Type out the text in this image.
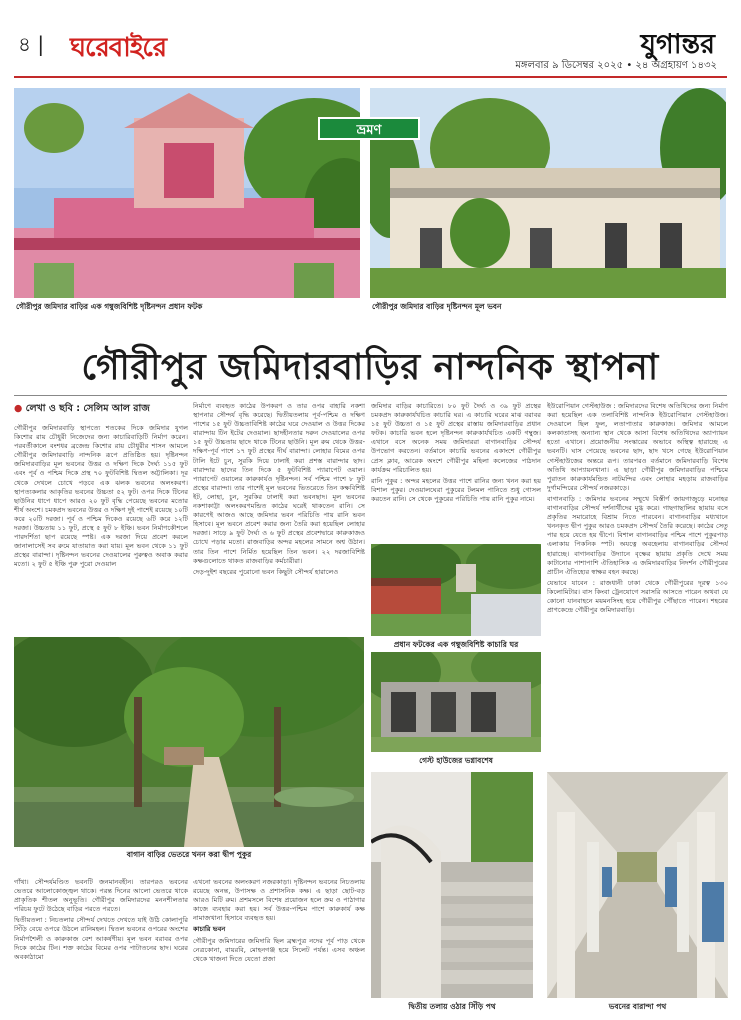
৪ | ঘরেবাইরে	যুগান্তর
মঙ্গলবার ৯ ডিসেম্বর ২০২৫ • ২৪ অগ্রহায়ণ ১৪৩২
গৌরীপুর জমিদার বাড়ির এক গম্বুজবিশিষ্ট দৃষ্টিনন্দন প্রধান ফটক	গৌরীপুর জমিদার বাড়ির দৃষ্টিনন্দন মূল ভবন
ভ্রমণ
গৌরীপুর জমিদারবাড়ির নান্দনিক স্থাপনা
● লেখা ও ছবি : সেলিম আল রাজ

গৌরীপুর জমিদারবাড়ি স্থাপত্যে শতকের দিকে জমিদার যুগল কিশোর রায় চৌধুরী নিজেদের জন্য কাচারিবাড়িটি নির্মাণ করেন। পরবর্তীকালে বংশধর ব্রজেন্দ্র কিশোর রায় চৌধুরীর শাসন আমলে গৌরীপুর জমিদারবাড়ি নান্দনিক রূপে প্রতিষ্ঠিত হয়। দৃষ্টিনন্দন জমিদারবাড়ির মূল ভবনের উত্তর ও দক্ষিণ দিকে দৈর্ঘ্য ১১৫ ফুট এবং পূর্ব ও পশ্চিম দিকে প্রস্থ ৭০ ফুটবিশিষ্ট দ্বিতল অট্টালিকা। দূর থেকে দেখলে চোখে পড়বে এক ঝলক ভবনের অলংকরণ। স্থাপত্যকলার আকৃতির ভবনের উচ্চতা ৫২ ফুট। ওপর দিকে টিনের ছাউনির ধাপে ধাপে আরও ২০ ফুট বৃদ্ধি পেয়েছে ভবনের মতোর শীর্ষ অংশে। চমকপ্রদ ভবনের উত্তর ও দক্ষিণ দুই পাশেই রয়েছে ১০টি করে ২০টি দরজা। পূর্ব ও পশ্চিম দিকেও রয়েছে ৬টি করে ১২টি দরজা। উচ্চতায় ১১ ফুট, প্রস্থে ৫ ফুট ৮ ইঞ্চি। ভবন নির্মাণকৌশলে পারদর্শিতা ছাপ রয়েছে স্পষ্ট। এক দরজা দিয়ে প্রবেশ করলে জানালাসেই সব রুমে যাতায়াত করা যায়। মূল ভবন থেকে ১১ ফুট প্রস্থের বারান্দা। দৃষ্টিনন্দন ভবনের দেওয়ালের পুরুত্বও অবাক করার মতো। ২ ফুট ৫ ইঞ্চি পুরু পুরো দেওয়াল

বাগান বাড়ির ভেতরে খনন করা দ্বীপ পুকুর

গাঁথা। সৌন্দর্যমণ্ডিত ভবনটি জনমানবহীন। তারপরও ভবনের ভেতরে আলোকোজ্জ্বল থাকে। পরন্ত দিনের আলো ভেতরে থাকে প্রাকৃতিক শীতল অনুভূতি। গৌরীপুর জমিদারদের মননশীলতার পরিচয় ফুটে উঠেছে বাড়ির পরতে পরতে।

দ্বিতীয়তলা : নিচতলার সৌন্দর্য দেখতে দেখতে যাই উঠি কোলাপুরি সিঁড়ি বেয়ে ওপরে উঠলে রানিমহল। দ্বিতল ভবনের ওপরের অংশের নির্মাণশৈলী ও কারুকাজ বেশ আকর্ষণীয়। মূল ভবন বরাবর ওপর দিকে কাঠের টিন। শক্ত কাঠের বিমের ওপর পাটাতনের ছাদ। ঘরের অবকাঠামো

নির্মাণে ব্যবহৃত কাঠের উপকরণ ও তার ওপর বাহারি নকশা স্থাপনার সৌন্দর্য বৃদ্ধি করেছে। দ্বিতীয়তলায় পূর্ব-পশ্চিম ও দক্ষিণ পাশের ১৫ ফুট উচ্চতাবিশিষ্ট কাঠের ঘরে দেওয়াল ও উত্তর দিকের বারান্দায় টিন ইটের দেওয়াল। ছাদহীনতার দরুন দেওয়ালের ওপর ১৫ ফুট উচ্চতায় ছাদে থাকে টিনের ছাউনি। মূল রুম থেকে উত্তর-দক্ষিণ-পূর্ব পাশে ১৭ ফুট প্রস্থের দীর্ঘ বারান্দা। লোহার বিমের ওপর টালি ইটে চুন, সুরকি দিয়ে ঢালাই করা প্রশস্ত বারান্দার ছাদ। বারান্দার ছাদের তিন দিকে ৫ ফুটবিশিষ্ট প্যারাপেট ওয়াল। প্যারাপেট ওয়ালের কারুকার্যও দৃষ্টিনন্দন। সর্ব পশ্চিম পাশে ৮ ফুট প্রস্থের বারান্দা। তার পাশেই মূল ভবনের ভিতরেতে তিন কক্ষবিশিষ্ট ইট, লোহা, চুন, সুরকির ঢালাই করা ভবনছাদ। মূল ভবনের নকশাকাট্টা অলংকরণমন্ডিত কাঠের ঘরেই থাকতেন রানি। সে কারণেই আজও আছে জমিদার ভবন পরিচিতি পায় রানি ভবন হিসাবে। মূল ভবনে প্রবেশ করার জন্য তৈরি করা হয়েছিল লোহার দরজা। সাড়ে ৯ ফুট দৈর্ঘ্য ও ৬ ফুট প্রস্থের প্রবেশদ্বারে কারুকাজও চোখে পড়ার মতো। রাজবাড়ির অন্দর মহলের সামনে অশ্ব উঠান। তার তিন পাশে নির্মিত হয়েছিল তিন ভবন। ২২ দরজাবিশিষ্ট কক্ষগুলোতে থাকত রাজবাড়ির কর্মচারীরা।

দেড়-দুইশ বছরের পুরোনো ভবন কিছুটা সৌন্দর্য হারালেও

এখনো ভবনের অলংকরণ নজরকাড়া। দৃষ্টিনন্দন ভবনের নিচতলায় রয়েছে অনন্ত, উপাসক্ষ ও প্রশাসনিক কক্ষ। এ ছাড়া ছোট-বড় আরও মিটি রুম। প্রশমসলে বিশেষ প্রয়োজন হলে ক্রম ও পাঠাগার কাজে ব্যবহার করা হয়। সর্ব উত্তর-পশ্চিম পাশে কারুকার্য কক্ষ নামাজখানা হিসাবে ব্যবহৃত হয়।

কাচারি ভবন

গৌরীপুর জমিদারের জমিদারি ছিল ব্রহ্মপুত্র নদের পূর্ব পাড় থেকে নেত্রকোনা, বায়রবি, মোহনগঞ্জ হয়ে সিলেট পর্যন্ত। এসব অঞ্চল থেকে খাজনা দিতে যেতো প্রজা

জমিদার বাড়ির কাচারিতে। ৮০ ফুট দৈর্ঘ্য ও ৩৯ ফুট প্রস্থের চমকপ্রদ কারুকার্যখচিত কাচারি ঘর। এ কাচারি ঘরের মাঝ বরাবর ১৫ ফুট উচ্চতা ও ১৫ ফুট প্রস্থের রাস্তায় জমিদারবাড়ির প্রধান ফটক। কাচারি ভবন হলে দৃষ্টিনন্দন কারুকার্যখচিত একটি গম্বুজ। এখানে বসে অনেক সময় জমিদাররা বাগানবাড়ির সৌন্দর্য উপভোগ করতেন। বর্তমানে কাচারি ভবনের একাংশে গৌরীপুর প্রেস ক্লাব, আরেক অংশে গৌরীপুর মহিলা কলেজের পাঠদান কার্যক্রম পরিচালিত হয়।

রানি পুকুর : অন্দর মহলের উত্তর পাশে রানির জন্য খনন করা হয় বিশাল পুকুর। দেওয়ালঘেরা পুকুরের টলমল পানিতে শুধু গোসল করতেন রানি। সে থেকে পুকুরের পরিচিতি পায় রানি পুকুর নামে।

প্রধান ফটকের এক গম্বুজবিশিষ্ট কাচারি ঘর
গেস্ট হাউজের ভগ্নাবশেষ
দ্বিতীয় তলায় ওঠার সিঁড়ি পথ

ইউরোপিয়ান গেস্টহাউজ : জমিদারদের বিশেষ অতিথিদের জন্য নির্মাণ করা হয়েছিল এক তলাবিশিষ্ট নান্দনিক ইউরোপিয়ান গেস্টহাউজ। দেওয়ালে ছিল ফুল, লতাপাতার কারুকাজ। জমিদার আমলে কলকাতাসহ অন্যান্য স্থান থেকে আসা বিশেষ অতিথিদের অ্যাপ্যায়ন হতো এখানে। প্রয়োজনীয় সংস্কারের অভাবে অস্থিত্ব হারাচ্ছে এ ভবনটি। ঘাস পেয়েছে ভবনের ছাদ, ছাদ খসে গেছে ইউরোপিয়ান গেস্টহাউজের অন্তরে রূপ। তারপরও বর্তমানে জমিদারবাড়ি বিশেষ অতিথি আপ্যায়নখানা। এ ছাড়া গৌরীপুর জমিদারবাড়ির পশ্চিমে পুরাতন কারুকার্যমন্ডিত নাটমন্দির এবং লোহার মহড়ায় রাজবাড়ির দুর্গামন্দিরের সৌন্দর্য নজরকাড়ে।

বাগানবাড়ি : জমিদার ভবনের সম্মুখে বিস্তীর্ণ জায়গাজুড়ে মনোহর বাগানবাড়ির সৌন্দর্য দর্শনার্থীদের মুগ্ধ করে। গাছগাছালির ছায়ায় বসে প্রকৃতির সমারোহে বিশ্রাম নিতে পারবেন। বাগানবাড়ির মধ্যখানে খননকৃত দ্বীপ পুকুর আরও চমকপ্রদ সৌন্দর্য তৈরি করেছে। কাঠের সেতু পার হয়ে যেতে হয় দ্বীপে। বিশাল বাগানবাড়ির পশ্চিম পাশে পুকুরপাড় এলাকায় পিকনিক স্পট। অযত্নে অবহেলায় বাগানবাড়ির সৌন্দর্য হারাচ্ছে। বাগানবাড়ির উদ্যানে বৃক্ষের ছায়ায় প্রকৃতি দেখে সময় কাটানোর পাশাপাশি ঐতিহাসিক এ জমিদারবাড়ির নিদর্শন গৌরীপুরের প্রাচীন ঐতিহ্যের স্বাক্ষর বহন করছে।

যেভাবে যাবেন : রাজধানী ঢাকা থেকে গৌরীপুরের দূরত্ব ১৩০ কিলোমিটার। বাস কিংবা ট্রেনযোগে সরাসরি আসতে পারেন অথবা যে কোনো যানবাহনে ময়মনসিংহ হয়ে গৌরীপুর পৌঁছাতে পারেন। শহরের প্রাণকেন্দ্রে গৌরীপুর জমিদারবাড়ি।

ভবনের বারান্দা পথ
